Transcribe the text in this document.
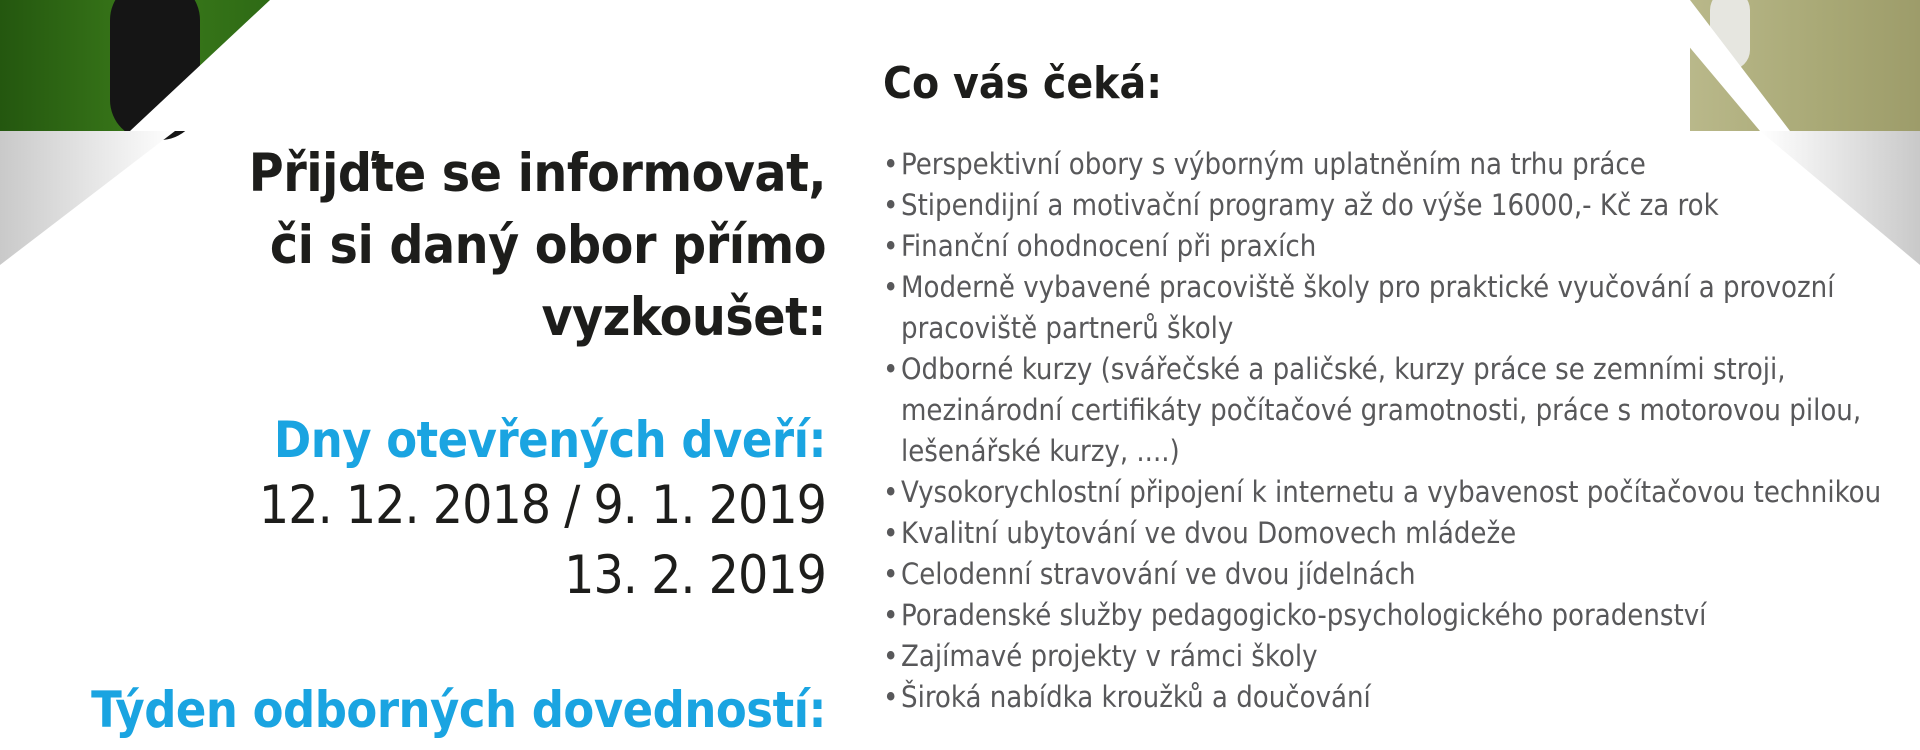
Přijďte se informovat,
či si daný obor přímo
vyzkoušet:
Dny otevřených dveří:
12. 12. 2018 / 9. 1. 2019
13. 2. 2019
Týden odborných dovedností:
Co vás čeká:
• Perspektivní obory s výborným uplatněním na trhu práce
• Stipendijní a motivační programy až do výše 16000,- Kč za rok
• Finanční ohodnocení při praxích
• Moderně vybavené pracoviště školy pro praktické vyučování a provozní pracoviště partnerů školy
• Odborné kurzy (svářečské a paličské, kurzy práce se zemními stroji, mezinárodní certifikáty počítačové gramotnosti, práce s motorovou pilou, lešenářské kurzy, ....)
• Vysokorychlostní připojení k internetu a vybavenost počítačovou technikou
• Kvalitní ubytování ve dvou Domovech mládeže
• Celodenní stravování ve dvou jídelnách
• Poradenské služby pedagogicko-psychologického poradenství
• Zajímavé projekty v rámci školy
• Široká nabídka kroužků a doučování
